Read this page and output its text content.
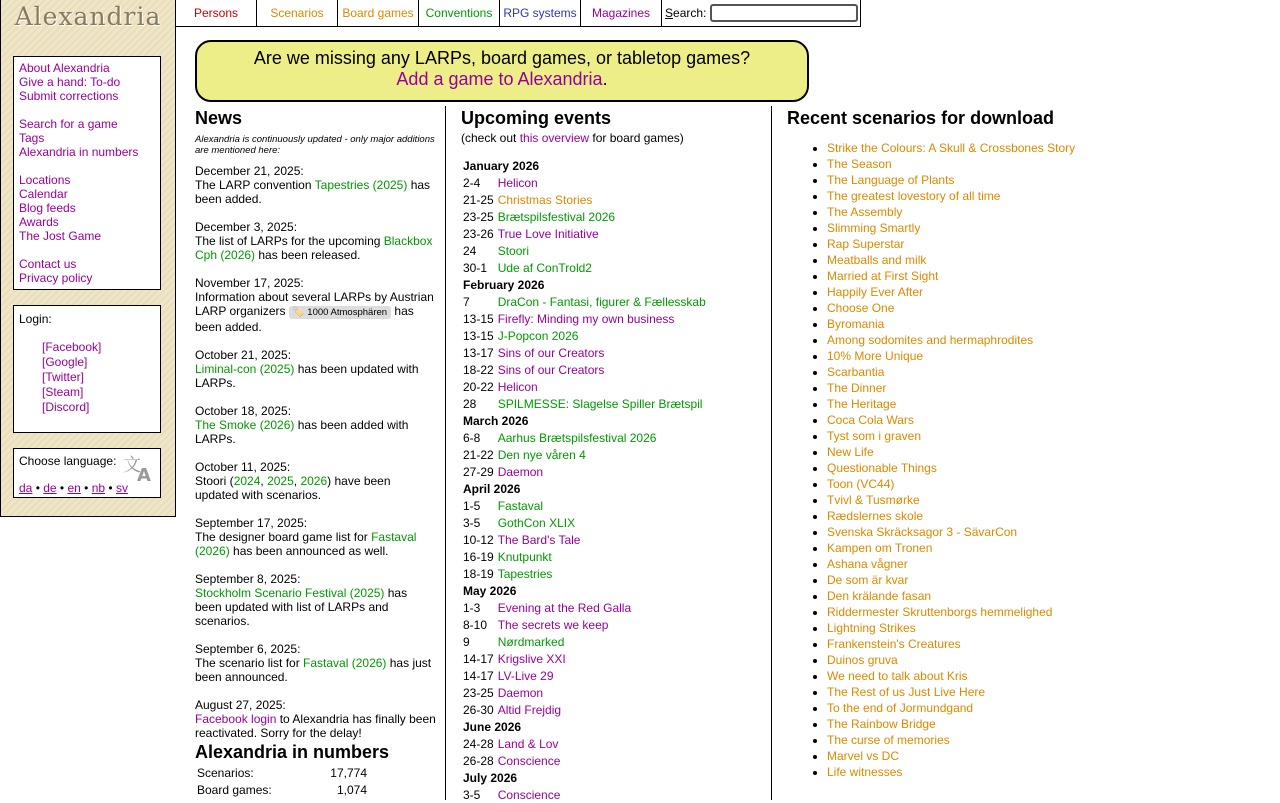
Alexandria
About Alexandria
Give a hand: To-do
Submit corrections
Search for a game
Tags
Alexandria in numbers
Locations
Calendar
Blog feeds
Awards
The Jost Game
Contact us
Privacy policy
Login:
[Facebook]
[Google]
[Twitter]
[Steam]
[Discord]
Choose language: 文
A
da • de • en • nb • sv
Persons	Scenarios	Board games Conventions RPG systems	Magazines	Search:
Are we missing any LARPs, board games, or tabletop games?
Add a game to Alexandria.
News
Alexandria is continuously updated - only major additions are mentioned here:
December 21, 2025:
The LARP convention Tapestries (2025) has been added.
December 3, 2025:
The list of LARPs for the upcoming Blackbox Cph (2026) has been released.
November 17, 2025:
Information about several LARPs by Austrian LARP organizers 🏷️ 1000 Atmosphären has been added.
October 21, 2025:
Liminal-con (2025) has been updated with LARPs.
October 18, 2025:
The Smoke (2026) has been added with LARPs.
October 11, 2025:
Stoori (2024, 2025, 2026) have been updated with scenarios.
September 17, 2025:
The designer board game list for Fastaval (2026) has been announced as well.
September 8, 2025:
Stockholm Scenario Festival (2025) has been updated with list of LARPs and scenarios.
September 6, 2025:
The scenario list for Fastaval (2026) has just been announced.
August 27, 2025:
Facebook login to Alexandria has finally been reactivated. Sorry for the delay!
Alexandria in numbers
Scenarios:	17,774
Board games:	1,074
Upcoming events
(check out this overview for board games)
January 2026	
2-4	Helicon
21-25	Christmas Stories
23-25	Brætspilsfestival 2026
23-26	True Love Initiative
24	Stoori
30-1	Ude af ConTrold2
February 2026	
7	DraCon - Fantasi, figurer & Fællesskab
13-15	Firefly: Minding my own business
13-15	J-Popcon 2026
13-17	Sins of our Creators
18-22	Sins of our Creators
20-22	Helicon
28	SPILMESSE: Slagelse Spiller Brætspil
March 2026	
6-8	Aarhus Brætspilsfestival 2026
21-22	Den nye våren 4
27-29	Daemon
April 2026	
1-5	Fastaval
3-5	GothCon XLIX
10-12	The Bard's Tale
16-19	Knutpunkt
18-19	Tapestries
May 2026	
1-3	Evening at the Red Galla
8-10	The secrets we keep
9	Nørdmarked
14-17	Krigslive XXI
14-17	LV-Live 29
23-25	Daemon
26-30	Altid Frejdig
June 2026	
24-28	Land & Lov
26-28	Conscience
July 2026	
3-5	Conscience
Recent scenarios for download
• Strike the Colours: A Skull & Crossbones Story
• The Season
• The Language of Plants
• The greatest lovestory of all time
• The Assembly
• Slimming Smartly
• Rap Superstar
• Meatballs and milk
• Married at First Sight
• Happily Ever After
• Choose One
• Byromania
• Among sodomites and hermaphrodites
• 10% More Unique
• Scarbantia
• The Dinner
• The Heritage
• Coca Cola Wars
• Tyst som i graven
• New Life
• Questionable Things
• Toon (VC44)
• Tvivl & Tusmørke
• Rædslernes skole
• Svenska Skräcksagor 3 - SävarCon
• Kampen om Tronen
• Ashana vågner
• De som är kvar
• Den krälande fasan
• Riddermester Skruttenborgs hemmelighed
• Lightning Strikes
• Frankenstein's Creatures
• Duinos gruva
• We need to talk about Kris
• The Rest of us Just Live Here
• To the end of Jormundgand
• The Rainbow Bridge
• The curse of memories
• Marvel vs DC
• Life witnesses
